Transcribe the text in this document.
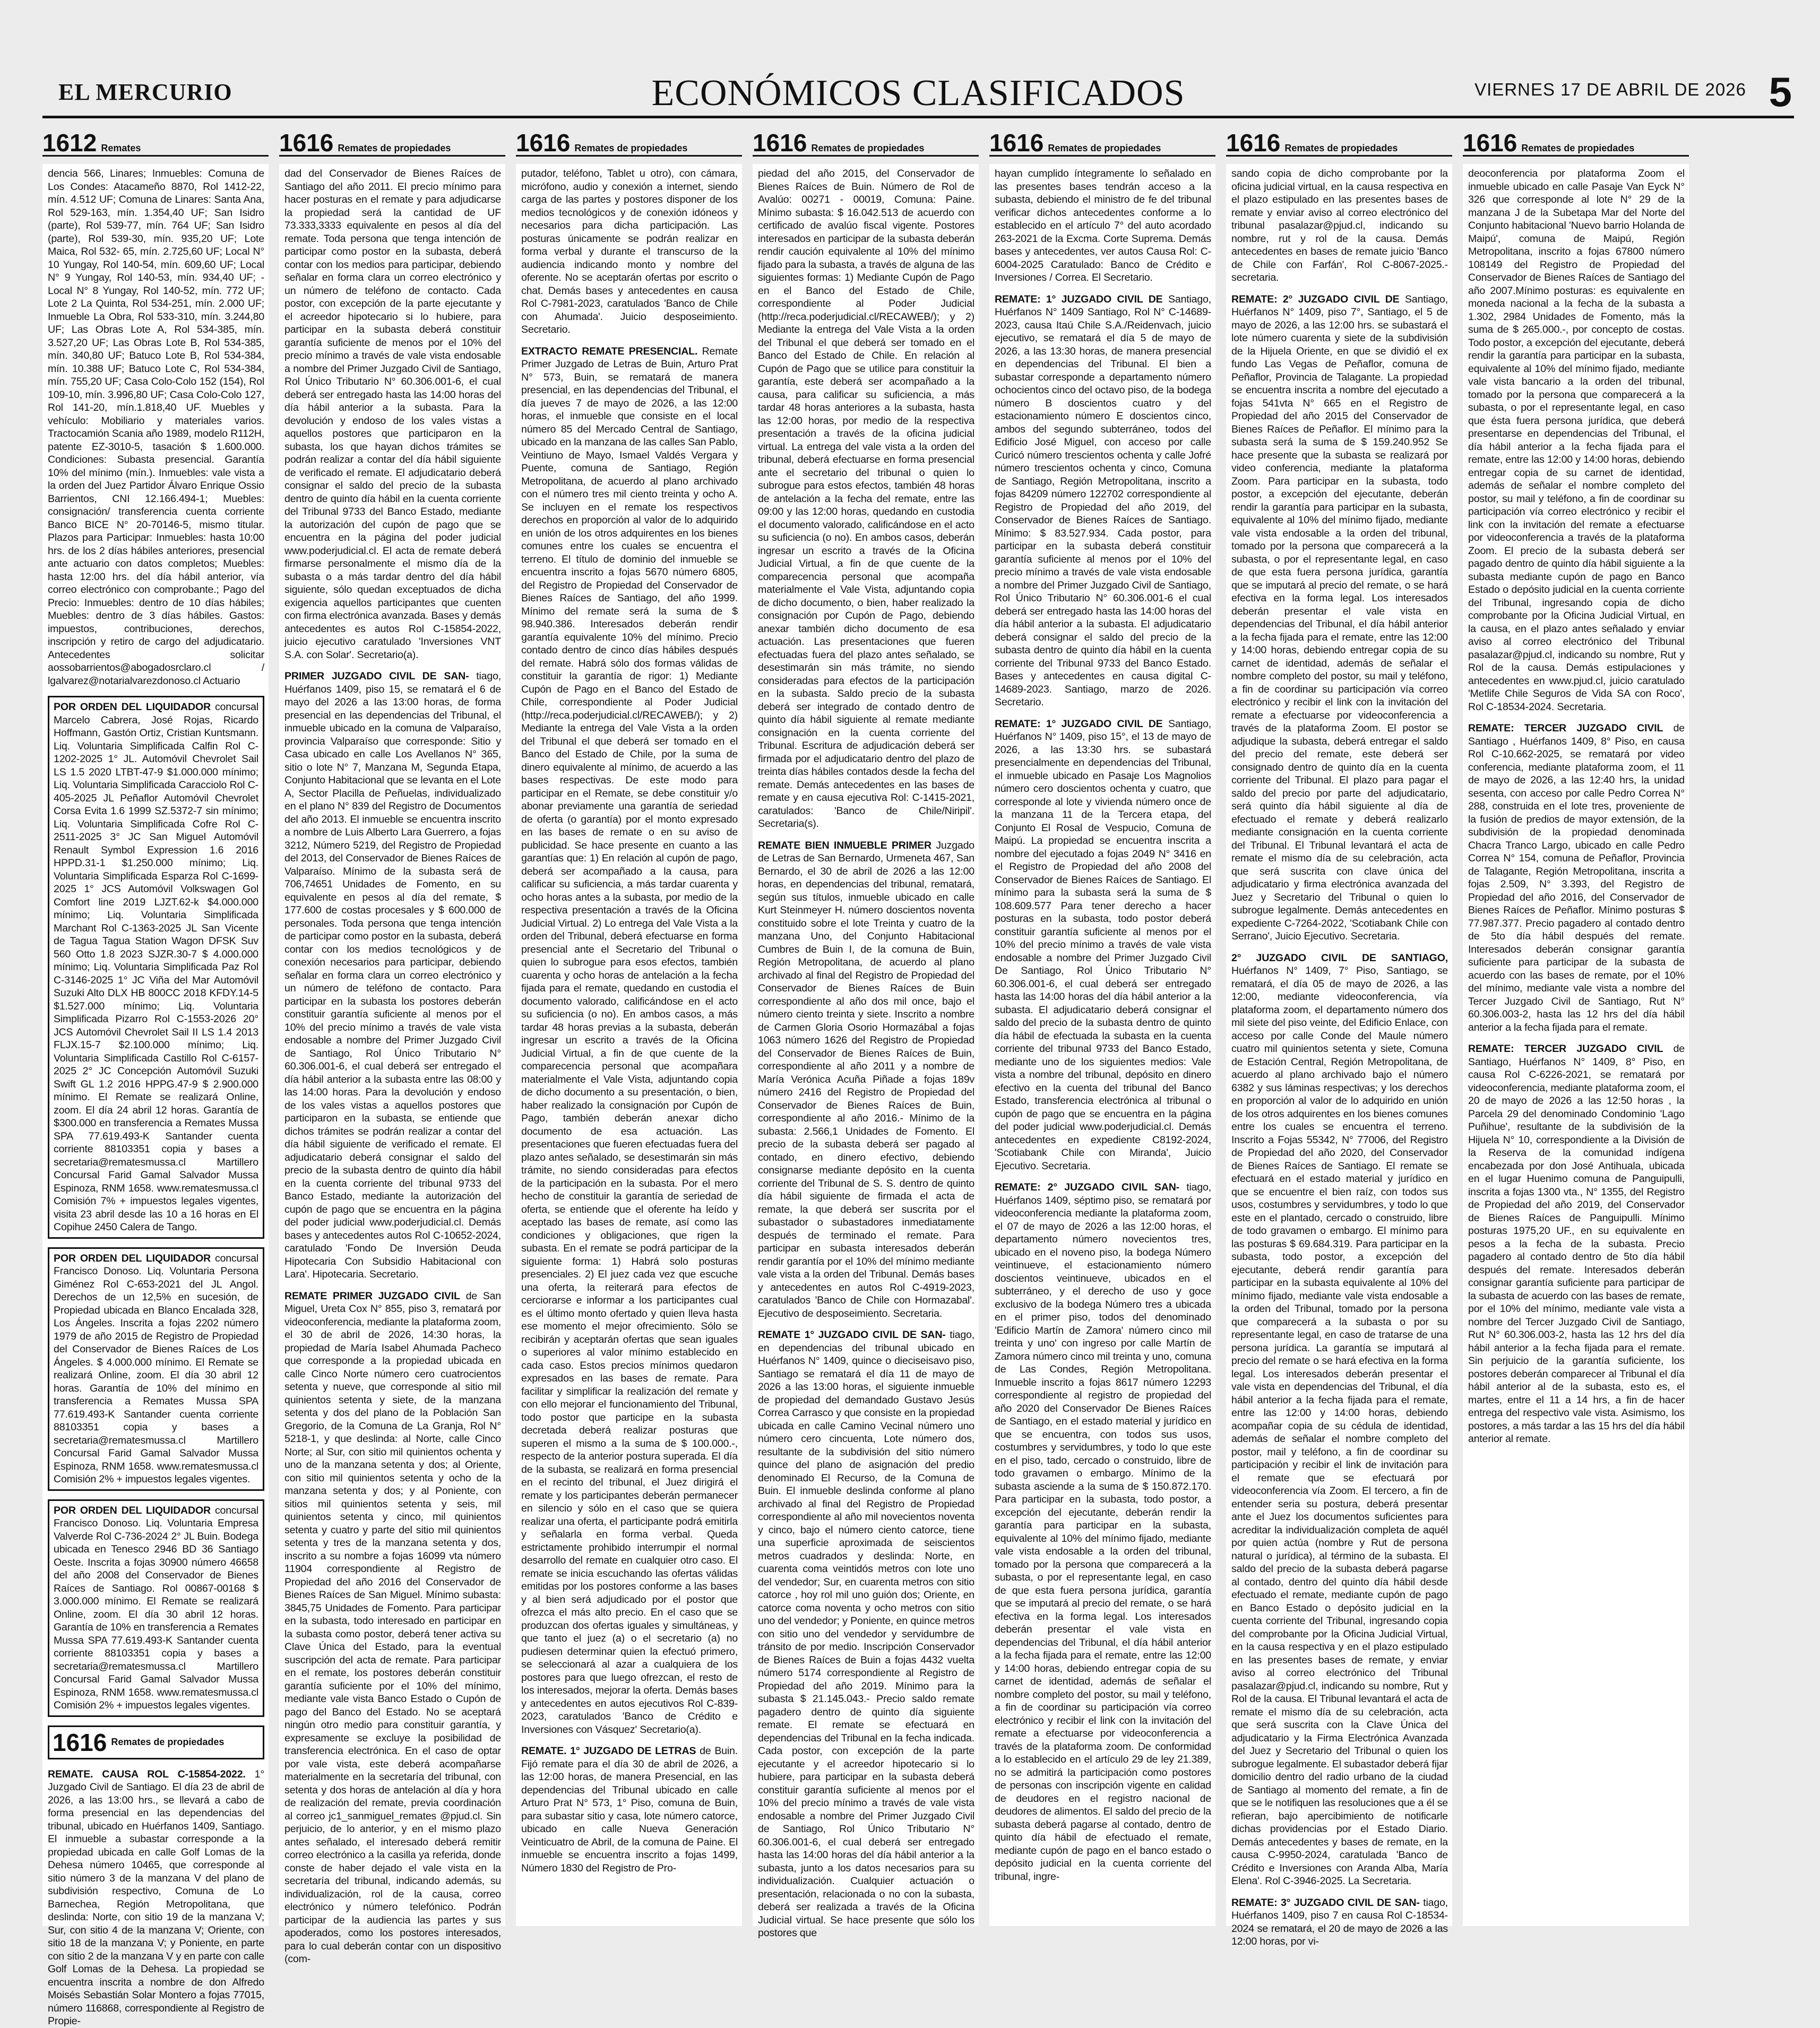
EL MERCURIO	ECONÓMICOS CLASIFICADOS	VIERNES 17 DE ABRIL DE 2026 5
1612 Remates

dencia 566, Linares; Inmuebles: Comuna de Los Condes: Atacameño 8870, Rol 1412-22, mín. 4.512 UF; Comuna de Linares: Santa Ana, Rol 529-163, mín. 1.354,40 UF; San Isidro (parte), Rol 539-77, mín. 764 UF; San Isidro (parte), Rol 539-30, mín. 935,20 UF; Lote Maica, Rol 532- 65, mín. 2.725,60 UF; Local N° 10 Yungay, Rol 140-54, mín. 609,60 UF; Local N° 9 Yungay, Rol 140-53, mín. 934,40 UF; - Local N° 8 Yungay, Rol 140-52, mín. 772 UF; Lote 2 La Quinta, Rol 534-251, mín. 2.000 UF; Inmueble La Obra, Rol 533-310, mín. 3.244,80 UF; Las Obras Lote A, Rol 534-385, mín. 3.527,20 UF; Las Obras Lote B, Rol 534-385, mín. 340,80 UF; Batuco Lote B, Rol 534-384, mín. 10.388 UF; Batuco Lote C, Rol 534-384, mín. 755,20 UF; Casa Colo-Colo 152 (154), Rol 109-10, mín. 3.996,80 UF; Casa Colo-Colo 127, Rol 141-20, mín.1.818,40 UF. Muebles y vehículo: Mobiliario y materiales varios. Tractocamión Scania año 1989, modelo R112H, patente EZ-3010-5, tasación $ 1.600.000. Condiciones: Subasta presencial. Garantía 10% del mínimo (mín.). Inmuebles: vale vista a la orden del Juez Partidor Álvaro Enrique Ossio Barrientos, CNI 12.166.494-1; Muebles: consignación/ transferencia cuenta corriente Banco BICE N° 20-70146-5, mismo titular. Plazos para Participar: Inmuebles: hasta 10:00 hrs. de los 2 días hábiles anteriores, presencial ante actuario con datos completos; Muebles: hasta 12:00 hrs. del día hábil anterior, vía correo electrónico con comprobante.; Pago del Precio: Inmuebles: dentro de 10 días hábiles; Muebles: dentro de 3 días hábiles. Gastos: impuestos, contribuciones, derechos, inscripción y retiro de cargo del adjudicatario. Antecedentes solicitar aossobarrientos@abogadosrclaro.cl / lgalvarez@notarialvarezdonoso.cl Actuario

POR ORDEN DEL LIQUIDADOR concursal Marcelo Cabrera, José Rojas, Ricardo Hoffmann, Gastón Ortiz, Cristian Kuntsmann. Liq. Voluntaria Simplificada Calfin Rol C-1202-2025 1° JL. Automóvil Chevrolet Sail LS 1.5 2020 LTBT-47-9 $1.000.000 mínimo; Liq. Voluntaria Simplificada Caracciolo Rol C-405-2025 JL Peñaflor Automóvil Chevrolet Corsa Evita 1.6 1999 SZ.5372-7 sin mínimo; Liq. Voluntaria Simplificada Cofre Rol C-2511-2025 3° JC San Miguel Automóvil Renault Symbol Expression 1.6 2016 HPPD.31-1 $1.250.000 mínimo; Liq. Voluntaria Simplificada Esparza Rol C-1699-2025 1° JCS Automóvil Volkswagen Gol Comfort line 2019 LJZT.62-k $4.000.000 mínimo; Liq. Voluntaria Simplificada Marchant Rol C-1363-2025 JL San Vicente de Tagua Tagua Station Wagon DFSK Suv 560 Otto 1.8 2023 SJZR.30-7 $ 4.000.000 mínimo; Liq. Voluntaria Simplificada Paz Rol C-3146-2025 1° JC Viña del Mar Automóvil Suzuki Alto DLX HB 800CC 2018 KFDY.14-5 $1.527.000 mínimo; Liq. Voluntaria Simplificada Pizarro Rol C-1553-2026 20° JCS Automóvil Chevrolet Sail II LS 1.4 2013 FLJX.15-7 $2.100.000 mínimo; Liq. Voluntaria Simplificada Castillo Rol C-6157-2025 2° JC Concepción Automóvil Suzuki Swift GL 1.2 2016 HPPG.47-9 $ 2.900.000 mínimo. El Remate se realizará Online, zoom. El día 24 abril 12 horas. Garantía de $300.000 en transferencia a Remates Mussa SPA 77.619.493-K Santander cuenta corriente 88103351 copia y bases a secretaria@rematesmussa.cl Martillero Concursal Farid Gamal Salvador Mussa Espinoza, RNM 1658. www.rematesmussa.cl Comisión 7% + impuestos legales vigentes, visita 23 abril desde las 10 a 16 horas en El Copihue 2450 Calera de Tango.

POR ORDEN DEL LIQUIDADOR concursal Francisco Donoso. Liq. Voluntaria Persona Giménez Rol C-653-2021 del JL Angol. Derechos de un 12,5% en sucesión, de Propiedad ubicada en Blanco Encalada 328, Los Ángeles. Inscrita a fojas 2202 número 1979 de año 2015 de Registro de Propiedad del Conservador de Bienes Raíces de Los Ángeles. $ 4.000.000 mínimo. El Remate se realizará Online, zoom. El día 30 abril 12 horas. Garantía de 10% del mínimo en transferencia a Remates Mussa SPA 77.619.493-K Santander cuenta corriente 88103351 copia y bases a secretaria@rematesmussa.cl Martillero Concursal Farid Gamal Salvador Mussa Espinoza, RNM 1658. www.rematesmussa.cl Comisión 2% + impuestos legales vigentes.

POR ORDEN DEL LIQUIDADOR concursal Francisco Donoso. Liq. Voluntaria Empresa Valverde Rol C-736-2024 2° JL Buin. Bodega ubicada en Tenesco 2946 BD 36 Santiago Oeste. Inscrita a fojas 30900 número 46658 del año 2008 del Conservador de Bienes Raíces de Santiago. Rol 00867-00168 $ 3.000.000 mínimo. El Remate se realizará Online, zoom. El día 30 abril 12 horas. Garantía de 10% en transferencia a Remates Mussa SPA 77.619.493-K Santander cuenta corriente 88103351 copia y bases a secretaria@rematesmussa.cl Martillero Concursal Farid Gamal Salvador Mussa Espinoza, RNM 1658. www.rematesmussa.cl Comisión 2% + impuestos legales vigentes.

1616 Remates de propiedades

REMATE. CAUSA ROL C-15854-2022. 1° Juzgado Civil de Santiago. El día 23 de abril de 2026, a las 13:00 hrs., se llevará a cabo de forma presencial en las dependencias del tribunal, ubicado en Huérfanos 1409, Santiago. El inmueble a subastar corresponde a la propiedad ubicada en calle Golf Lomas de la Dehesa número 10465, que corresponde al sitio número 3 de la manzana V del plano de subdivisión respectivo, Comuna de Lo Barnechea, Región Metropolitana, que deslinda: Norte, con sitio 19 de la manzana V; Sur, con sitio 4 de la manzana V; Oriente, con sitio 18 de la manzana V; y Poniente, en parte con sitio 2 de la manzana V y en parte con calle Golf Lomas de la Dehesa. La propiedad se encuentra inscrita a nombre de don Alfredo Moisés Sebastián Solar Montero a fojas 77015, número 116868, correspondiente al Registro de Propie-

1616 Remates de propiedades

dad del Conservador de Bienes Raíces de Santiago del año 2011. El precio mínimo para hacer posturas en el remate y para adjudicarse la propiedad será la cantidad de UF 73.333,3333 equivalente en pesos al día del remate. Toda persona que tenga intención de participar como postor en la subasta, deberá contar con los medios para participar, debiendo señalar en forma clara un correo electrónico y un número de teléfono de contacto. Cada postor, con excepción de la parte ejecutante y el acreedor hipotecario si lo hubiere, para participar en la subasta deberá constituir garantía suficiente de menos por el 10% del precio mínimo a través de vale vista endosable a nombre del Primer Juzgado Civil de Santiago, Rol Único Tributario N° 60.306.001-6, el cual deberá ser entregado hasta las 14:00 horas del día hábil anterior a la subasta. Para la devolución y endoso de los vales vistas a aquellos postores que participaron en la subasta, los que hayan dichos trámites se podrán realizar a contar del día hábil siguiente de verificado el remate. El adjudicatario deberá consignar el saldo del precio de la subasta dentro de quinto día hábil en la cuenta corriente del Tribunal 9733 del Banco Estado, mediante la autorización del cupón de pago que se encuentra en la página del poder judicial www.poderjudicial.cl. El acta de remate deberá firmarse personalmente el mismo día de la subasta o a más tardar dentro del día hábil siguiente, sólo quedan exceptuados de dicha exigencia aquellos participantes que cuenten con firma electrónica avanzada. Bases y demás antecedentes es autos Rol C-15854-2022, juicio ejecutivo caratulado 'Inversiones VNT S.A. con Solar'. Secretario(a).

PRIMER JUZGADO CIVIL DE SAN- tiago, Huérfanos 1409, piso 15, se rematará el 6 de mayo del 2026 a las 13:00 horas, de forma presencial en las dependencias del Tribunal, el inmueble ubicado en la comuna de Valparaíso, provincia Valparaíso que corresponde: Sitio y Casa ubicado en calle Los Avellanos N° 365, sitio o lote N° 7, Manzana M, Segunda Etapa, Conjunto Habitacional que se levanta en el Lote A, Sector Placilla de Peñuelas, individualizado en el plano N° 839 del Registro de Documentos del año 2013. El inmueble se encuentra inscrito a nombre de Luis Alberto Lara Guerrero, a fojas 3212, Número 5219, del Registro de Propiedad del 2013, del Conservador de Bienes Raíces de Valparaíso. Mínimo de la subasta será de 706,74651 Unidades de Fomento, en su equivalente en pesos al día del remate, $ 177.600 de costas procesales y $ 600.000 de personales. Toda persona que tenga intención de participar como postor en la subasta, deberá contar con los medios tecnológicos y de conexión necesarios para participar, debiendo señalar en forma clara un correo electrónico y un número de teléfono de contacto. Para participar en la subasta los postores deberán constituir garantía suficiente al menos por el 10% del precio mínimo a través de vale vista endosable a nombre del Primer Juzgado Civil de Santiago, Rol Único Tributario N° 60.306.001-6, el cual deberá ser entregado el día hábil anterior a la subasta entre las 08:00 y las 14:00 horas. Para la devolución y endoso de los vales vistas a aquellos postores que participaron en la subasta, se entiende que dichos trámites se podrán realizar a contar del día hábil siguiente de verificado el remate. El adjudicatario deberá consignar el saldo del precio de la subasta dentro de quinto día hábil en la cuenta corriente del tribunal 9733 del Banco Estado, mediante la autorización del cupón de pago que se encuentra en la página del poder judicial www.poderjudicial.cl. Demás bases y antecedentes autos Rol C-10652-2024, caratulado 'Fondo De Inversión Deuda Hipotecaria Con Subsidio Habitacional con Lara'. Hipotecaria. Secretario.

REMATE PRIMER JUZGADO CIVIL de San Miguel, Ureta Cox N° 855, piso 3, rematará por videoconferencia, mediante la plataforma zoom, el 30 de abril de 2026, 14:30 horas, la propiedad de María Isabel Ahumada Pacheco que corresponde a la propiedad ubicada en calle Cinco Norte número cero cuatrocientos setenta y nueve, que corresponde al sitio mil quinientos setenta y siete, de la manzana setenta y dos del plano de la Población San Gregorio, de la Comuna de La Granja, Rol N° 5218-1, y que deslinda: al Norte, calle Cinco Norte; al Sur, con sitio mil quinientos ochenta y uno de la manzana setenta y dos; al Oriente, con sitio mil quinientos setenta y ocho de la manzana setenta y dos; y al Poniente, con sitios mil quinientos setenta y seis, mil quinientos setenta y cinco, mil quinientos setenta y cuatro y parte del sitio mil quinientos setenta y tres de la manzana setenta y dos, inscrito a su nombre a fojas 16099 vta número 11904 correspondiente al Registro de Propiedad del año 2016 del Conservador de Bienes Raíces de San Miguel. Mínimo subasta: 3845,75 Unidades de Fomento. Para participar en la subasta, todo interesado en participar en la subasta como postor, deberá tener activa su Clave Única del Estado, para la eventual suscripción del acta de remate. Para participar en el remate, los postores deberán constituir garantía suficiente por el 10% del mínimo, mediante vale vista Banco Estado o Cupón de pago del Banco del Estado. No se aceptará ningún otro medio para constituir garantía, y expresamente se excluye la posibilidad de transferencia electrónica. En el caso de optar por vale vista, este deberá acompañarse materialmente en la secretaría del tribunal, con setenta y dos horas de antelación al día y hora de realización del remate, previa coordinación al correo jc1_sanmiguel_remates @pjud.cl. Sin perjuicio, de lo anterior, y en el mismo plazo antes señalado, el interesado deberá remitir correo electrónico a la casilla ya referida, donde conste de haber dejado el vale vista en la secretaría del tribunal, indicando además, su individualización, rol de la causa, correo electrónico y número telefónico. Podrán participar de la audiencia las partes y sus apoderados, como los postores interesados, para lo cual deberán contar con un dispositivo (com-

1616 Remates de propiedades

putador, teléfono, Tablet u otro), con cámara, micrófono, audio y conexión a internet, siendo carga de las partes y postores disponer de los medios tecnológicos y de conexión idóneos y necesarios para dicha participación. Las posturas únicamente se podrán realizar en forma verbal y durante el transcurso de la audiencia indicando monto y nombre del oferente. No se aceptarán ofertas por escrito o chat. Demás bases y antecedentes en causa Rol C-7981-2023, caratulados 'Banco de Chile con Ahumada'. Juicio desposeimiento. Secretario.

EXTRACTO REMATE PRESENCIAL. Remate Primer Juzgado de Letras de Buin, Arturo Prat N° 573, Buin, se rematará de manera presencial, en las dependencias del Tribunal, el día jueves 7 de mayo de 2026, a las 12:00 horas, el inmueble que consiste en el local número 85 del Mercado Central de Santiago, ubicado en la manzana de las calles San Pablo, Veintiuno de Mayo, Ismael Valdés Vergara y Puente, comuna de Santiago, Región Metropolitana, de acuerdo al plano archivado con el número tres mil ciento treinta y ocho A. Se incluyen en el remate los respectivos derechos en proporción al valor de lo adquirido en unión de los otros adquirentes en los bienes comunes entre los cuales se encuentra el terreno. El título de dominio del inmueble se encuentra inscrito a fojas 5670 número 6805, del Registro de Propiedad del Conservador de Bienes Raíces de Santiago, del año 1999. Mínimo del remate será la suma de $ 98.940.386. Interesados deberán rendir garantía equivalente 10% del mínimo. Precio contado dentro de cinco días hábiles después del remate. Habrá sólo dos formas válidas de constituir la garantía de rigor: 1) Mediante Cupón de Pago en el Banco del Estado de Chile, correspondiente al Poder Judicial (http://reca.poderjudicial.cl/RECAWEB/); y 2) Mediante la entrega del Vale Vista a la orden del Tribunal el que deberá ser tomado en el Banco del Estado de Chile, por la suma de dinero equivalente al mínimo, de acuerdo a las bases respectivas. De este modo para participar en el Remate, se debe constituir y/o abonar previamente una garantía de seriedad de oferta (o garantía) por el monto expresado en las bases de remate o en su aviso de publicidad. Se hace presente en cuanto a las garantías que: 1) En relación al cupón de pago, deberá ser acompañado a la causa, para calificar su suficiencia, a más tardar cuarenta y ocho horas antes a la subasta, por medio de la respectiva presentación a través de la Oficina Judicial Virtual. 2) Lo entrega del Vale Vista a la orden del Tribunal, deberá efectuarse en forma presencial ante el Secretario del Tribunal o quien lo subrogue para esos efectos, también cuarenta y ocho horas de antelación a la fecha fijada para el remate, quedando en custodia el documento valorado, calificándose en el acto su suficiencia (o no). En ambos casos, a más tardar 48 horas previas a la subasta, deberán ingresar un escrito a través de la Oficina Judicial Virtual, a fin de que cuente de la comparecencia personal que acompañara materialmente el Vale Vista, adjuntando copia de dicho documento a su presentación, o bien, haber realizado la consignación por Cupón de Pago, también deberán anexar dicho documento de esa actuación. Las presentaciones que fueren efectuadas fuera del plazo antes señalado, se desestimarán sin más trámite, no siendo consideradas para efectos de la participación en la subasta. Por el mero hecho de constituir la garantía de seriedad de oferta, se entiende que el oferente ha leído y aceptado las bases de remate, así como las condiciones y obligaciones, que rigen la subasta. En el remate se podrá participar de la siguiente forma: 1) Habrá solo posturas presenciales. 2) El juez cada vez que escuche una oferta, la reiterará para efectos de cerciorarse e informar a los participantes cual es el último monto ofertado y quien lleva hasta ese momento el mejor ofrecimiento. Sólo se recibirán y aceptarán ofertas que sean iguales o superiores al valor mínimo establecido en cada caso. Estos precios mínimos quedaron expresados en las bases de remate. Para facilitar y simplificar la realización del remate y con ello mejorar el funcionamiento del Tribunal, todo postor que participe en la subasta decretada deberá realizar posturas que superen el mismo a la suma de $ 100.000.-, respecto de la anterior postura superada. El día de la subasta, se realizará en forma presencial en el recinto del tribunal, el Juez dirigirá el remate y los participantes deberán permanecer en silencio y sólo en el caso que se quiera realizar una oferta, el participante podrá emitirla y señalarla en forma verbal. Queda estrictamente prohibido interrumpir el normal desarrollo del remate en cualquier otro caso. El remate se inicia escuchando las ofertas válidas emitidas por los postores conforme a las bases y al bien será adjudicado por el postor que ofrezca el más alto precio. En el caso que se produzcan dos ofertas iguales y simultáneas, y que tanto el juez (a) o el secretario (a) no pudiesen determinar quien la efectuó primero, se seleccionará al azar a cualquiera de los postores para que luego ofrezcan, el resto de los interesados, mejorar la oferta. Demás bases y antecedentes en autos ejecutivos Rol C-839-2023, caratulados 'Banco de Crédito e Inversiones con Vásquez' Secretario(a).

REMATE. 1° JUZGADO DE LETRAS de Buin. Fijó remate para el día 30 de abril de 2026, a las 12:00 horas, de manera Presencial, en las dependencias del Tribunal ubicado en calle Arturo Prat N° 573, 1° Piso, comuna de Buin, para subastar sitio y casa, lote número catorce, ubicado en calle Nueva Generación Veinticuatro de Abril, de la comuna de Paine. El inmueble se encuentra inscrito a fojas 1499, Número 1830 del Registro de Pro-

1616 Remates de propiedades

piedad del año 2015, del Conservador de Bienes Raíces de Buin. Número de Rol de Avalúo: 00271 - 00019, Comuna: Paine. Mínimo subasta: $ 16.042.513 de acuerdo con certificado de avalúo fiscal vigente. Postores interesados en participar de la subasta deberán rendir caución equivalente al 10% del mínimo fijado para la subasta, a través de alguna de las siguientes formas: 1) Mediante Cupón de Pago en el Banco del Estado de Chile, correspondiente al Poder Judicial (http://reca.poderjudicial.cl/RECAWEB/); y 2) Mediante la entrega del Vale Vista a la orden del Tribunal el que deberá ser tomado en el Banco del Estado de Chile. En relación al Cupón de Pago que se utilice para constituir la garantía, este deberá ser acompañado a la causa, para calificar su suficiencia, a más tardar 48 horas anteriores a la subasta, hasta las 12:00 horas, por medio de la respectiva presentación a través de la oficina judicial virtual. La entrega del vale vista a la orden del tribunal, deberá efectuarse en forma presencial ante el secretario del tribunal o quien lo subrogue para estos efectos, también 48 horas de antelación a la fecha del remate, entre las 09:00 y las 12:00 horas, quedando en custodia el documento valorado, calificándose en el acto su suficiencia (o no). En ambos casos, deberán ingresar un escrito a través de la Oficina Judicial Virtual, a fin de que cuente de la comparecencia personal que acompaña materialmente el Vale Vista, adjuntando copia de dicho documento, o bien, haber realizado la consignación por Cupón de Pago, debiendo anexar también dicho documento de esa actuación. Las presentaciones que fueren efectuadas fuera del plazo antes señalado, se desestimarán sin más trámite, no siendo consideradas para efectos de la participación en la subasta. Saldo precio de la subasta deberá ser integrado de contado dentro de quinto día hábil siguiente al remate mediante consignación en la cuenta corriente del Tribunal. Escritura de adjudicación deberá ser firmada por el adjudicatario dentro del plazo de treinta días hábiles contados desde la fecha del remate. Demás antecedentes en las bases de remate y en causa ejecutiva Rol: C-1415-2021, caratulados: 'Banco de Chile/Niripil'. Secretaria(s).

REMATE BIEN INMUEBLE PRIMER Juzgado de Letras de San Bernardo, Urmeneta 467, San Bernardo, el 30 de abril de 2026 a las 12:00 horas, en dependencias del tribunal, rematará, según sus títulos, inmueble ubicado en calle Kurt Steinmeyer H. número doscientos noventa constituido sobre el lote Treinta y cuatro de la manzana Uno, del Conjunto Habitacional Cumbres de Buin I, de la comuna de Buin, Región Metropolitana, de acuerdo al plano archivado al final del Registro de Propiedad del Conservador de Bienes Raíces de Buin correspondiente al año dos mil once, bajo el número ciento treinta y siete. Inscrito a nombre de Carmen Gloria Osorio Hormazábal a fojas 1063 número 1626 del Registro de Propiedad del Conservador de Bienes Raíces de Buin, correspondiente al año 2011 y a nombre de María Verónica Acuña Piñade a fojas 189v número 2416 del Registro de Propiedad del Conservador de Bienes Raíces de Buin, correspondiente al año 2016.- Mínimo de la subasta: 2.566,1 Unidades de Fomento. El precio de la subasta deberá ser pagado al contado, en dinero efectivo, debiendo consignarse mediante depósito en la cuenta corriente del Tribunal de S. S. dentro de quinto día hábil siguiente de firmada el acta de remate, la que deberá ser suscrita por el subastador o subastadores inmediatamente después de terminado el remate. Para participar en subasta interesados deberán rendir garantía por el 10% del mínimo mediante vale vista a la orden del Tribunal. Demás bases y antecedentes en autos Rol C-4919-2023, caratulados 'Banco de Chile con Hormazabal'. Ejecutivo de desposeimiento. Secretaria.

REMATE 1° JUZGADO CIVIL DE SAN- tiago, en dependencias del tribunal ubicado en Huérfanos N° 1409, quince o dieciseisavo piso, Santiago se rematará el día 11 de mayo de 2026 a las 13:00 horas, el siguiente inmueble de propiedad del demandado Gustavo Jesús Correa Carrasco y que consiste en la propiedad ubicada en calle Camino Vecinal número uno número cero cincuenta, Lote número dos, resultante de la subdivisión del sitio número quince del plano de asignación del predio denominado El Recurso, de la Comuna de Buin. El inmueble deslinda conforme al plano archivado al final del Registro de Propiedad correspondiente al año mil novecientos noventa y cinco, bajo el número ciento catorce, tiene una superficie aproximada de seiscientos metros cuadrados y deslinda: Norte, en cuarenta coma veintidós metros con lote uno del vendedor; Sur, en cuarenta metros con sitio catorce , hoy rol mil uno guión dos; Oriente, en catorce coma noventa y ocho metros con sitio uno del vendedor; y Poniente, en quince metros con sitio uno del vendedor y servidumbre de tránsito de por medio. Inscripción Conservador de Bienes Raíces de Buin a fojas 4432 vuelta número 5174 correspondiente al Registro de Propiedad del año 2019. Mínimo para la subasta $ 21.145.043.- Precio saldo remate pagadero dentro de quinto día siguiente remate. El remate se efectuará en dependencias del Tribunal en la fecha indicada. Cada postor, con excepción de la parte ejecutante y el acreedor hipotecario si lo hubiere, para participar en la subasta deberá constituir garantía suficiente al menos por el 10% del precio mínimo a través de vale vista endosable a nombre del Primer Juzgado Civil de Santiago, Rol Único Tributario N° 60.306.001-6, el cual deberá ser entregado hasta las 14:00 horas del día hábil anterior a la subasta, junto a los datos necesarios para su individualización. Cualquier actuación o presentación, relacionada o no con la subasta, deberá ser realizada a través de la Oficina Judicial virtual. Se hace presente que sólo los postores que

1616 Remates de propiedades

hayan cumplido íntegramente lo señalado en las presentes bases tendrán acceso a la subasta, debiendo el ministro de fe del tribunal verificar dichos antecedentes conforme a lo establecido en el artículo 7° del auto acordado 263-2021 de la Excma. Corte Suprema. Demás bases y antecedentes, ver autos Causa Rol: C-6004-2025 Caratulado: Banco de Crédito e Inversiones / Correa. El Secretario.

REMATE: 1° JUZGADO CIVIL DE Santiago, Huérfanos N° 1409 Santiago, Rol N° C-14689-2023, causa Itaú Chile S.A./Reidenvach, juicio ejecutivo, se rematará el día 5 de mayo de 2026, a las 13:30 horas, de manera presencial en dependencias del Tribunal. El bien a subastar corresponde a departamento número ochocientos cinco del octavo piso, de la bodega número B doscientos cuatro y del estacionamiento número E doscientos cinco, ambos del segundo subterráneo, todos del Edificio José Miguel, con acceso por calle Curicó número trescientos ochenta y calle Jofré número trescientos ochenta y cinco, Comuna de Santiago, Región Metropolitana, inscrito a fojas 84209 número 122702 correspondiente al Registro de Propiedad del año 2019, del Conservador de Bienes Raíces de Santiago. Mínimo: $ 83.527.934. Cada postor, para participar en la subasta deberá constituir garantía suficiente al menos por el 10% del precio mínimo a través de vale vista endosable a nombre del Primer Juzgado Civil de Santiago, Rol Único Tributario N° 60.306.001-6 el cual deberá ser entregado hasta las 14:00 horas del día hábil anterior a la subasta. El adjudicatario deberá consignar el saldo del precio de la subasta dentro de quinto día hábil en la cuenta corriente del Tribunal 9733 del Banco Estado. Bases y antecedentes en causa digital C-14689-2023. Santiago, marzo de 2026. Secretario.

REMATE: 1° JUZGADO CIVIL DE Santiago, Huérfanos N° 1409, piso 15°, el 13 de mayo de 2026, a las 13:30 hrs. se subastará presencialmente en dependencias del Tribunal, el inmueble ubicado en Pasaje Los Magnolios número cero doscientos ochenta y cuatro, que corresponde al lote y vivienda número once de la manzana 11 de la Tercera etapa, del Conjunto El Rosal de Vespucio, Comuna de Maipú. La propiedad se encuentra inscrita a nombre del ejecutado a fojas 2049 N° 3416 en el Registro de Propiedad del año 2008 del Conservador de Bienes Raíces de Santiago. El mínimo para la subasta será la suma de $ 108.609.577 Para tener derecho a hacer posturas en la subasta, todo postor deberá constituir garantía suficiente al menos por el 10% del precio mínimo a través de vale vista endosable a nombre del Primer Juzgado Civil De Santiago, Rol Único Tributario N° 60.306.001-6, el cual deberá ser entregado hasta las 14:00 horas del día hábil anterior a la subasta. El adjudicatario deberá consignar el saldo del precio de la subasta dentro de quinto día hábil de efectuada la subasta en la cuenta corriente del tribunal 9733 del Banco Estado, mediante uno de los siguientes medios: Vale vista a nombre del tribunal, depósito en dinero efectivo en la cuenta del tribunal del Banco Estado, transferencia electrónica al tribunal o cupón de pago que se encuentra en la página del poder judicial www.poderjudicial.cl. Demás antecedentes en expediente C8192-2024, 'Scotiabank Chile con Miranda', Juicio Ejecutivo. Secretaria.

REMATE: 2° JUZGADO CIVIL SAN- tiago, Huérfanos 1409, séptimo piso, se rematará por videoconferencia mediante la plataforma zoom, el 07 de mayo de 2026 a las 12:00 horas, el departamento número novecientos tres, ubicado en el noveno piso, la bodega Número veintinueve, el estacionamiento número doscientos veintinueve, ubicados en el subterráneo, y el derecho de uso y goce exclusivo de la bodega Número tres a ubicada en el primer piso, todos del denominado 'Edificio Martín de Zamora' número cinco mil treinta y uno' con ingreso por calle Martín de Zamora número cinco mil treinta y uno, comuna de Las Condes, Región Metropolitana. Inmueble inscrito a fojas 8617 número 12293 correspondiente al registro de propiedad del año 2020 del Conservador De Bienes Raíces de Santiago, en el estado material y jurídico en que se encuentra, con todos sus usos, costumbres y servidumbres, y todo lo que este en el piso, tado, cercado o construido, libre de todo gravamen o embargo. Mínimo de la subasta asciende a la suma de $ 150.872.170. Para participar en la subasta, todo postor, a excepción del ejecutante, deberán rendir la garantía para participar en la subasta, equivalente al 10% del mínimo fijado, mediante vale vista endosable a la orden del tribunal, tomado por la persona que comparecerá a la subasta, o por el representante legal, en caso de que esta fuera persona jurídica, garantía que se imputará al precio del remate, o se hará efectiva en la forma legal. Los interesados deberán presentar el vale vista en dependencias del Tribunal, el día hábil anterior a la fecha fijada para el remate, entre las 12:00 y 14:00 horas, debiendo entregar copia de su carnet de identidad, además de señalar el nombre completo del postor, su mail y teléfono, a fin de coordinar su participación vía correo electrónico y recibir el link con la invitación del remate a efectuarse por videoconferencia a través de la plataforma zoom. De conformidad a lo establecido en el artículo 29 de ley 21.389, no se admitirá la participación como postores de personas con inscripción vigente en calidad de deudores en el registro nacional de deudores de alimentos. El saldo del precio de la subasta deberá pagarse al contado, dentro de quinto día hábil de efectuado el remate, mediante cupón de pago en el banco estado o depósito judicial en la cuenta corriente del tribunal, ingre-

1616 Remates de propiedades

sando copia de dicho comprobante por la oficina judicial virtual, en la causa respectiva en el plazo estipulado en las presentes bases de remate y enviar aviso al correo electrónico del tribunal pasalazar@pjud.cl, indicando su nombre, rut y rol de la causa. Demás antecedentes en bases de remate juicio 'Banco de Chile con Farfán', Rol C-8067-2025.- secretaria.

REMATE: 2° JUZGADO CIVIL DE Santiago, Huérfanos N° 1409, piso 7°, Santiago, el 5 de mayo de 2026, a las 12:00 hrs. se subastará el lote número cuarenta y siete de la subdivisión de la Hijuela Oriente, en que se dividió el ex fundo Las Vegas de Peñaflor, comuna de Peñaflor, Provincia de Talagante. La propiedad se encuentra inscrita a nombre del ejecutado a fojas 541vta N° 665 en el Registro de Propiedad del año 2015 del Conservador de Bienes Raíces de Peñaflor. El mínimo para la subasta será la suma de $ 159.240.952 Se hace presente que la subasta se realizará por video conferencia, mediante la plataforma Zoom. Para participar en la subasta, todo postor, a excepción del ejecutante, deberán rendir la garantía para participar en la subasta, equivalente al 10% del mínimo fijado, mediante vale vista endosable a la orden del tribunal, tomado por la persona que comparecerá a la subasta, o por el representante legal, en caso de que esta fuera persona jurídica, garantía que se imputará al precio del remate, o se hará efectiva en la forma legal. Los interesados deberán presentar el vale vista en dependencias del Tribunal, el día hábil anterior a la fecha fijada para el remate, entre las 12:00 y 14:00 horas, debiendo entregar copia de su carnet de identidad, además de señalar el nombre completo del postor, su mail y teléfono, a fin de coordinar su participación vía correo electrónico y recibir el link con la invitación del remate a efectuarse por videoconferencia a través de la plataforma Zoom. El postor se adjudique la subasta, deberá entregar el saldo del precio del remate, este deberá ser consignado dentro de quinto día en la cuenta corriente del Tribunal. El plazo para pagar el saldo del precio por parte del adjudicatario, será quinto día hábil siguiente al día de efectuado el remate y deberá realizarlo mediante consignación en la cuenta corriente del Tribunal. El Tribunal levantará el acta de remate el mismo día de su celebración, acta que será suscrita con clave única del adjudicatario y firma electrónica avanzada del Juez y Secretario del Tribunal o quien lo subrogue legalmente. Demás antecedentes en expediente C-7264-2022, 'Scotiabank Chile con Serrano', Juicio Ejecutivo. Secretaria.

2° JUZGADO CIVIL DE SANTIAGO, Huérfanos N° 1409, 7° Piso, Santiago, se rematará, el día 05 de mayo de 2026, a las 12:00, mediante videoconferencia, vía plataforma zoom, el departamento número dos mil siete del piso veinte, del Edificio Enlace, con acceso por calle Conde del Maule número cuatro mil quinientos setenta y siete, Comuna de Estación Central, Región Metropolitana, de acuerdo al plano archivado bajo el número 6382 y sus láminas respectivas; y los derechos en proporción al valor de lo adquirido en unión de los otros adquirentes en los bienes comunes entre los cuales se encuentra el terreno. Inscrito a Fojas 55342, N° 77006, del Registro de Propiedad del año 2020, del Conservador de Bienes Raíces de Santiago. El remate se efectuará en el estado material y jurídico en que se encuentre el bien raíz, con todos sus usos, costumbres y servidumbres, y todo lo que este en el plantado, cercado o construido, libre de todo gravamen o embargo. El mínimo para las posturas $ 69.684.319. Para participar en la subasta, todo postor, a excepción del ejecutante, deberá rendir garantía para participar en la subasta equivalente al 10% del mínimo fijado, mediante vale vista endosable a la orden del Tribunal, tomado por la persona que comparecerá a la subasta o por su representante legal, en caso de tratarse de una persona jurídica. La garantía se imputará al precio del remate o se hará efectiva en la forma legal. Los interesados deberán presentar el vale vista en dependencias del Tribunal, el día hábil anterior a la fecha fijada para el remate, entre las 12:00 y 14:00 horas, debiendo acompañar copia de su cédula de identidad, además de señalar el nombre completo del postor, mail y teléfono, a fin de coordinar su participación y recibir el link de invitación para el remate que se efectuará por videoconferencia vía Zoom. El tercero, a fin de entender seria su postura, deberá presentar ante el Juez los documentos suficientes para acreditar la individualización completa de aquél por quien actúa (nombre y Rut de persona natural o jurídica), al término de la subasta. El saldo del precio de la subasta deberá pagarse al contado, dentro del quinto día hábil desde efectuado el remate, mediante cupón de pago en Banco Estado o depósito judicial en la cuenta corriente del Tribunal, ingresando copia del comprobante por la Oficina Judicial Virtual, en la causa respectiva y en el plazo estipulado en las presentes bases de remate, y enviar aviso al correo electrónico del Tribunal pasalazar@pjud.cl, indicando su nombre, Rut y Rol de la causa. El Tribunal levantará el acta de remate el mismo día de su celebración, acta que será suscrita con la Clave Única del adjudicatario y la Firma Electrónica Avanzada del Juez y Secretario del Tribunal o quien los subrogue legalmente. El subastador deberá fijar domicilio dentro del radio urbano de la ciudad de Santiago al momento del remate, a fin de que se le notifiquen las resoluciones que a él se refieran, bajo apercibimiento de notificarle dichas providencias por el Estado Diario. Demás antecedentes y bases de remate, en la causa C-9950-2024, caratulada 'Banco de Crédito e Inversiones con Aranda Alba, María Elena'. Rol C-3946-2025. La Secretaria.

REMATE: 3° JUZGADO CIVIL DE SAN- tiago, Huérfanos 1409, piso 7 en causa Rol C-18534-2024 se rematará, el 20 de mayo de 2026 a las 12:00 horas, por vi-

1616 Remates de propiedades

deoconferencia por plataforma Zoom el inmueble ubicado en calle Pasaje Van Eyck N° 326 que corresponde al lote N° 29 de la manzana J de la Subetapa Mar del Norte del Conjunto habitacional 'Nuevo barrio Holanda de Maipú', comuna de Maipú, Región Metropolitana, inscrito a fojas 67800 número 108149 del Registro de Propiedad del Conservador de Bienes Raíces de Santiago del año 2007.Mínimo posturas: es equivalente en moneda nacional a la fecha de la subasta a 1.302, 2984 Unidades de Fomento, más la suma de $ 265.000.-, por concepto de costas. Todo postor, a excepción del ejecutante, deberá rendir la garantía para participar en la subasta, equivalente al 10% del mínimo fijado, mediante vale vista bancario a la orden del tribunal, tomado por la persona que comparecerá a la subasta, o por el representante legal, en caso que ésta fuera persona jurídica, que deberá presentarse en dependencias del Tribunal, el día hábil anterior a la fecha fijada para el remate, entre las 12:00 y 14:00 horas, debiendo entregar copia de su carnet de identidad, además de señalar el nombre completo del postor, su mail y teléfono, a fin de coordinar su participación vía correo electrónico y recibir el link con la invitación del remate a efectuarse por videoconferencia a través de la plataforma Zoom. El precio de la subasta deberá ser pagado dentro de quinto día hábil siguiente a la subasta mediante cupón de pago en Banco Estado o depósito judicial en la cuenta corriente del Tribunal, ingresando copia de dicho comprobante por la Oficina Judicial Virtual, en la causa, en el plazo antes señalado y enviar aviso al correo electrónico del Tribunal pasalazar@pjud.cl, indicando su nombre, Rut y Rol de la causa. Demás estipulaciones y antecedentes en www.pjud.cl, juicio caratulado 'Metlife Chile Seguros de Vida SA con Roco', Rol C-18534-2024. Secretaria.

REMATE: TERCER JUZGADO CIVIL de Santiago , Huérfanos 1409, 8° Piso, en causa Rol C-10.662-2025, se rematará por video conferencia, mediante plataforma zoom, el 11 de mayo de 2026, a las 12:40 hrs, la unidad sesenta, con acceso por calle Pedro Correa N° 288, construida en el lote tres, proveniente de la fusión de predios de mayor extensión, de la subdivisión de la propiedad denominada Chacra Tranco Largo, ubicado en calle Pedro Correa N° 154, comuna de Peñaflor, Provincia de Talagante, Región Metropolitana, inscrita a fojas 2.509, N° 3.393, del Registro de Propiedad del año 2016, del Conservador de Bienes Raíces de Peñaflor. Mínimo posturas $ 77.987.377. Precio pagadero al contado dentro de 5to día hábil después del remate. Interesados deberán consignar garantía suficiente para participar de la subasta de acuerdo con las bases de remate, por el 10% del mínimo, mediante vale vista a nombre del Tercer Juzgado Civil de Santiago, Rut N° 60.306.003-2, hasta las 12 hrs del día hábil anterior a la fecha fijada para el remate.

REMATE: TERCER JUZGADO CIVIL de Santiago, Huérfanos N° 1409, 8° Piso, en causa Rol C-6226-2021, se rematará por videoconferencia, mediante plataforma zoom, el 20 de mayo de 2026 a las 12:50 horas , la Parcela 29 del denominado Condominio 'Lago Puñihue', resultante de la subdivisión de la Hijuela N° 10, correspondiente a la División de la Reserva de la comunidad indígena encabezada por don José Antihuala, ubicada en el lugar Huenimo comuna de Panguipulli, inscrita a fojas 1300 vta., N° 1355, del Registro de Propiedad del año 2019, del Conservador de Bienes Raíces de Panguipulli. Mínimo posturas 1975,20 UF., en su equivalente en pesos a la fecha de la subasta. Precio pagadero al contado dentro de 5to día hábil después del remate. Interesados deberán consignar garantía suficiente para participar de la subasta de acuerdo con las bases de remate, por el 10% del mínimo, mediante vale vista a nombre del Tercer Juzgado Civil de Santiago, Rut N° 60.306.003-2, hasta las 12 hrs del día hábil anterior a la fecha fijada para el remate. Sin perjuicio de la garantía suficiente, los postores deberán comparecer al Tribunal el día hábil anterior al de la subasta, esto es, el martes, entre el 11 a 14 hrs, a fin de hacer entrega del respectivo vale vista. Asimismo, los postores, a más tardar a las 15 hrs del día hábil anterior al remate.
